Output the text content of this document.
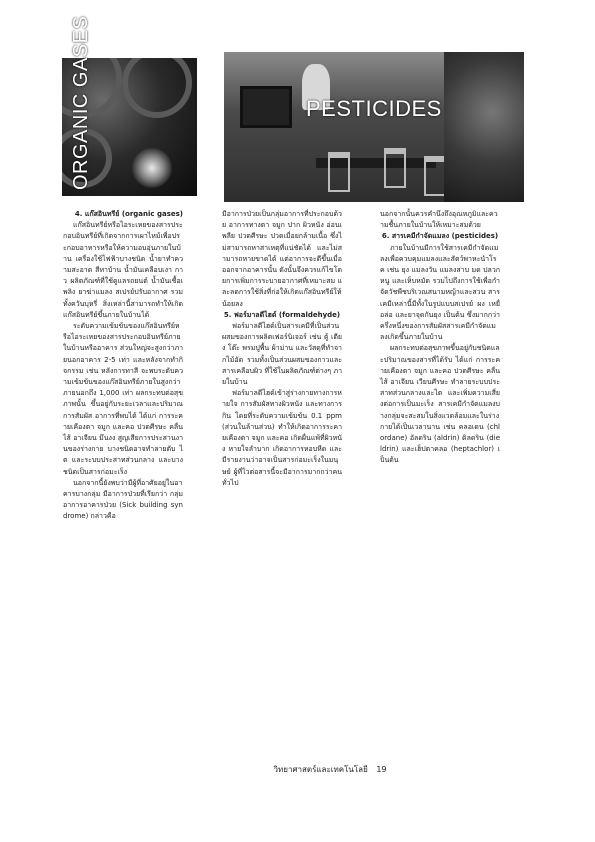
ORGANIC GASES	PESTICIDES
4. แก๊สอินทรีย์ (organic gases)

แก๊สอินทรีย์หรือไอระเหยของสารประกอบอินทรีย์ที่เกิดจากการเผาไหม้เพื่อประกอบอาหารหรือให้ความอบอุ่นภายในบ้าน เครื่องใช้ไฟฟ้าบางชนิด น้ำยาทำความสะอาด สีทาบ้าน น้ำมันเคลือบเงา กาว ผลิตภัณฑ์ที่ใช้ดูแลรถยนต์ น้ำมันเชื้อเพลิง ยาฆ่าแมลง สเปรย์ปรับอากาศ รวมทั้งควันบุหรี่ สิ่งเหล่านี้สามารถทำให้เกิดแก๊สอินทรีย์ขึ้นภายในบ้านได้

ระดับความเข้มข้นของแก๊สอินทรีย์หรือไอระเหยของสารประกอบอินทรีย์ภายในบ้านหรืออาคาร ส่วนใหญ่จะสูงกว่าภายนอกอาคาร 2-5 เท่า และหลังจากทำกิจกรรม เช่น หลังการทาสี จะพบระดับความเข้มข้นของแก๊สอินทรีย์ภายในสูงกว่าภายนอกถึง 1,000 เท่า ผลกระทบต่อสุขภาพนั้น ขึ้นอยู่กับระยะเวลาและปริมาณการสัมผัส อาการที่พบได้ ได้แก่ การระคายเคืองตา จมูก และคอ ปวดศีรษะ คลื่นไส้ อาเจียน มึนงง สูญเสียการประสานงานของร่างกาย บางชนิดอาจทำลายตับ ไต และระบบประสาทส่วนกลาง และบางชนิดเป็นสารก่อมะเร็ง

นอกจากนี้ยังพบว่ามีผู้ที่อาศัยอยู่ในอาคารบางกลุ่ม มีอาการป่วยที่เรียกว่า กลุ่มอาการอาคารป่วย (Sick building syndrome) กล่าวคือ

มีอาการป่วยเป็นกลุ่มอาการที่ประกอบด้วย อาการทางตา จมูก ปาก ผิวหนัง อ่อนเพลีย ปวดศีรษะ ปวดเมื่อยกล้ามเนื้อ ซึ่งไม่สามารถหาสาเหตุที่แน่ชัดได้ และไม่สามารถหายขาดได้ แต่อาการจะดีขึ้นเมื่อออกจากอาคารนั้น ดังนั้นจึงควรแก้ไขโดยการเพิ่มการระบายอากาศที่เหมาะสม และลดการใช้สิ่งที่ก่อให้เกิดแก๊สอินทรีย์ให้น้อยลง

5. ฟอร์มาลดีไฮด์ (formaldehyde)

ฟอร์มาลดีไฮด์เป็นสารเคมีที่เป็นส่วนผสมของการผลิตเฟอร์นิเจอร์ เช่น ตู้ เตียง โต๊ะ พรมปูพื้น ผ้าม่าน และวัสดุที่ทำจากไม้อัด รวมทั้งเป็นส่วนผสมของกาวและสารเคลือบผิว ที่ใช้ในผลิตภัณฑ์ต่างๆ ภายในบ้าน

ฟอร์มาลดีไฮด์เข้าสู่ร่างกายทางการหายใจ การสัมผัสทางผิวหนัง และทางการกิน โดยที่ระดับความเข้มข้น 0.1 ppm (ส่วนในล้านส่วน) ทำให้เกิดอาการระคายเคืองตา จมูก และคอ เกิดผื่นแพ้ที่ผิวหนัง หายใจลำบาก เกิดอาการหอบหืด และมีรายงานว่าอาจเป็นสารก่อมะเร็งในมนุษย์ ผู้ที่ไวต่อสารนี้จะมีอาการมากกว่าคนทั่วไป

นอกจากนั้นควรคำนึงถึงอุณหภูมิและความชื้นภายในบ้านให้เหมาะสมด้วย

6. สารเคมีกำจัดแมลง (pesticides)

ภายในบ้านมีการใช้สารเคมีกำจัดแมลงเพื่อควบคุมแมลงและสัตว์พาหะนำโรค เช่น ยุง แมลงวัน แมลงสาบ มด ปลวก หนู และเห็บหมัด รวมไปถึงการใช้เพื่อกำจัดวัชพืชบริเวณสนามหญ้าและสวน สารเคมีเหล่านี้มีทั้งในรูปแบบสเปรย์ ผง เหยื่อล่อ และยาจุดกันยุง เป็นต้น ซึ่งมากกว่าครึ่งหนึ่งของการสัมผัสสารเคมีกำจัดแมลงเกิดขึ้นภายในบ้าน

ผลกระทบต่อสุขภาพขึ้นอยู่กับชนิดและปริมาณของสารที่ได้รับ ได้แก่ การระคายเคืองตา จมูก และคอ ปวดศีรษะ คลื่นไส้ อาเจียน เวียนศีรษะ ทำลายระบบประสาทส่วนกลางและไต และเพิ่มความเสี่ยงต่อการเป็นมะเร็ง สารเคมีกำจัดแมลงบางกลุ่มจะสะสมในสิ่งแวดล้อมและในร่างกายได้เป็นเวลานาน เช่น คลอเดน (chlordane) อัลดริน (aldrin) ดิลดริน (dieldrin) และเฮ็ปตาคลอ (heptachlor) เป็นต้น

วิทยาศาสตร์และเทคโนโลยี 19
